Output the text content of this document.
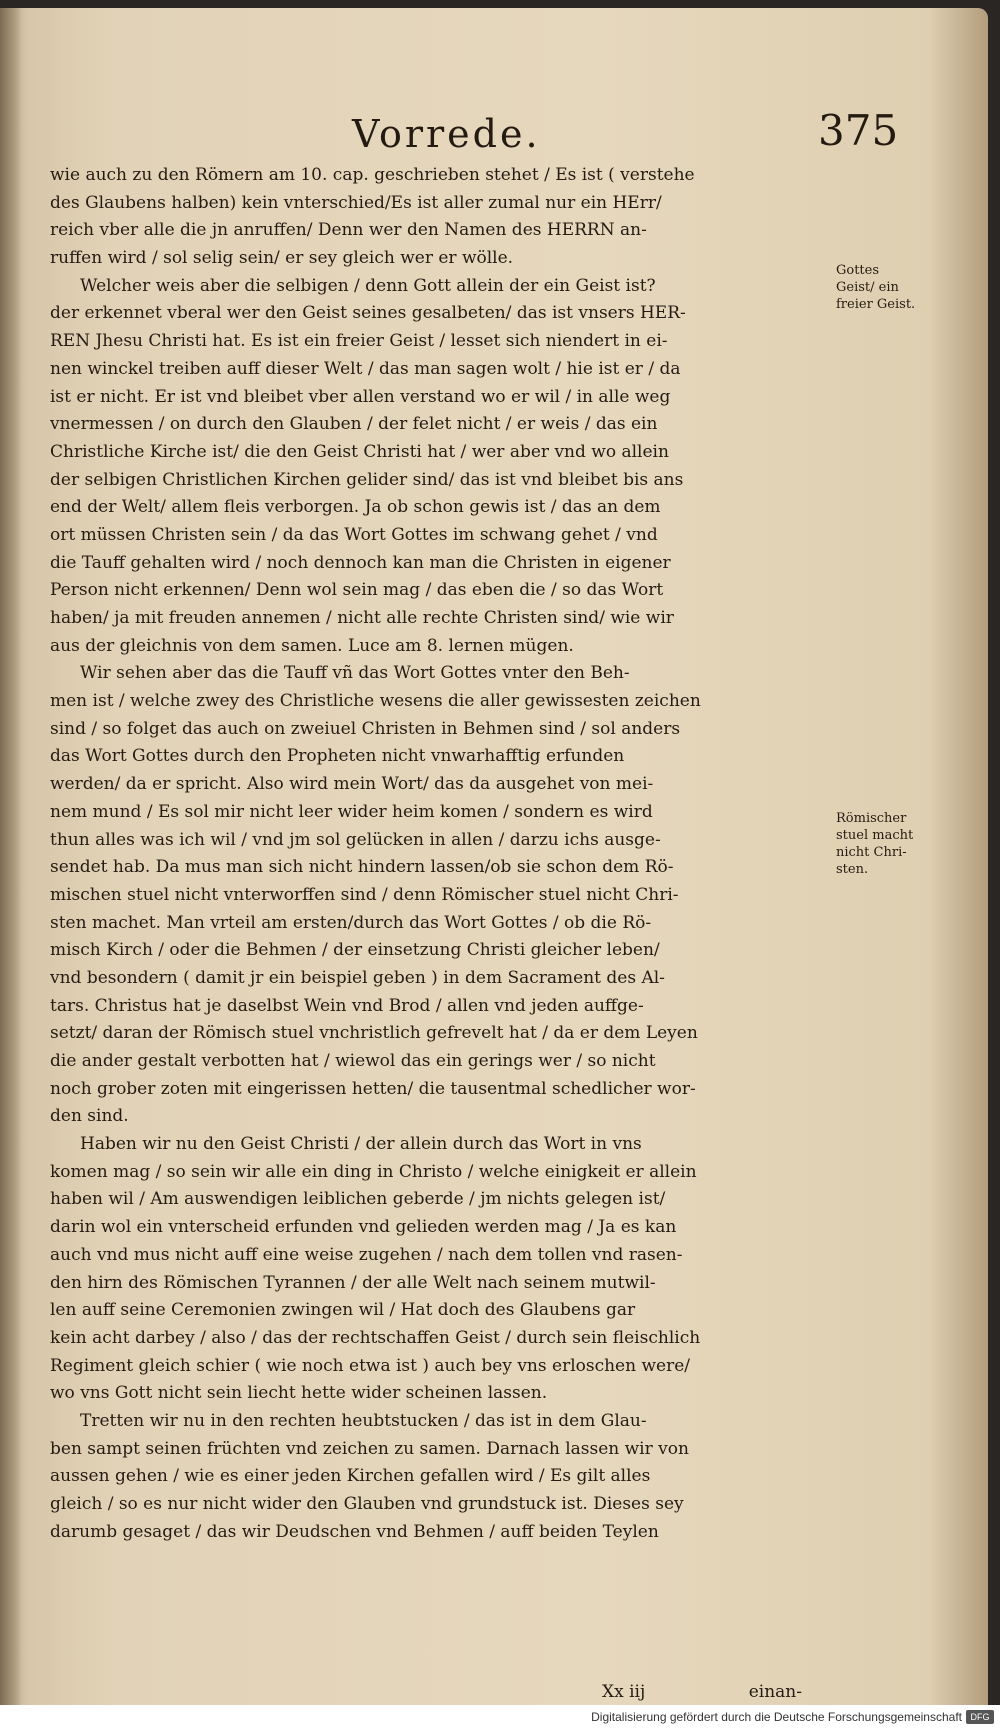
Vorrede.	375
wie auch zu den Römern am 10. cap. geschrieben stehet / Es ist ( verstehe
des Glaubens halben) kein vnterschied/Es ist aller zumal nur ein HErr/
reich vber alle die jn anruffen/ Denn wer den Namen des HERRN an-
ruffen wird / sol selig sein/ er sey gleich wer er wölle.
Welcher weis aber die selbigen / denn Gott allein der ein Geist ist?
der erkennet vberal wer den Geist seines gesalbeten/ das ist vnsers HER-
REN Jhesu Christi hat. Es ist ein freier Geist / lesset sich niendert in ei-
nen winckel treiben auff dieser Welt / das man sagen wolt / hie ist er / da
ist er nicht. Er ist vnd bleibet vber allen verstand wo er wil / in alle weg
vnermessen / on durch den Glauben / der felet nicht / er weis / das ein
Christliche Kirche ist/ die den Geist Christi hat / wer aber vnd wo allein
der selbigen Christlichen Kirchen gelider sind/ das ist vnd bleibet bis ans
end der Welt/ allem fleis verborgen. Ja ob schon gewis ist / das an dem
ort müssen Christen sein / da das Wort Gottes im schwang gehet / vnd
die Tauff gehalten wird / noch dennoch kan man die Christen in eigener
Person nicht erkennen/ Denn wol sein mag / das eben die / so das Wort
haben/ ja mit freuden annemen / nicht alle rechte Christen sind/ wie wir
aus der gleichnis von dem samen. Luce am 8. lernen mügen.
Wir sehen aber das die Tauff vñ das Wort Gottes vnter den Beh-
men ist / welche zwey des Christliche wesens die aller gewissesten zeichen
sind / so folget das auch on zweiuel Christen in Behmen sind / sol anders
das Wort Gottes durch den Propheten nicht vnwarhafftig erfunden
werden/ da er spricht. Also wird mein Wort/ das da ausgehet von mei-
nem mund / Es sol mir nicht leer wider heim komen / sondern es wird
thun alles was ich wil / vnd jm sol gelücken in allen / darzu ichs ausge-
sendet hab. Da mus man sich nicht hindern lassen/ob sie schon dem Rö-
mischen stuel nicht vnterworffen sind / denn Römischer stuel nicht Chri-
sten machet. Man vrteil am ersten/durch das Wort Gottes / ob die Rö-
misch Kirch / oder die Behmen / der einsetzung Christi gleicher leben/
vnd besondern ( damit jr ein beispiel geben ) in dem Sacrament des Al-
tars. Christus hat je daselbst Wein vnd Brod / allen vnd jeden auffge-
setzt/ daran der Römisch stuel vnchristlich gefrevelt hat / da er dem Leyen
die ander gestalt verbotten hat / wiewol das ein gerings wer / so nicht
noch grober zoten mit eingerissen hetten/ die tausentmal schedlicher wor-
den sind.
Haben wir nu den Geist Christi / der allein durch das Wort in vns
komen mag / so sein wir alle ein ding in Christo / welche einigkeit er allein
haben wil / Am auswendigen leiblichen geberde / jm nichts gelegen ist/
darin wol ein vnterscheid erfunden vnd gelieden werden mag / Ja es kan
auch vnd mus nicht auff eine weise zugehen / nach dem tollen vnd rasen-
den hirn des Römischen Tyrannen / der alle Welt nach seinem mutwil-
len auff seine Ceremonien zwingen wil / Hat doch des Glaubens gar
kein acht darbey / also / das der rechtschaffen Geist / durch sein fleischlich
Regiment gleich schier ( wie noch etwa ist ) auch bey vns erloschen were/
wo vns Gott nicht sein liecht hette wider scheinen lassen.
Tretten wir nu in den rechten heubtstucken / das ist in dem Glau-
ben sampt seinen früchten vnd zeichen zu samen. Darnach lassen wir von
aussen gehen / wie es einer jeden Kirchen gefallen wird / Es gilt alles
gleich / so es nur nicht wider den Glauben vnd grundstuck ist. Dieses sey
darumb gesaget / das wir Deudschen vnd Behmen / auff beiden Teylen
Gottes
Geist/ ein
freier Geist.
Römischer
stuel macht
nicht Chri-
sten.
Xx iij	einan-
Digitalisierung gefördert durch die Deutsche Forschungsgemeinschaft DFG
